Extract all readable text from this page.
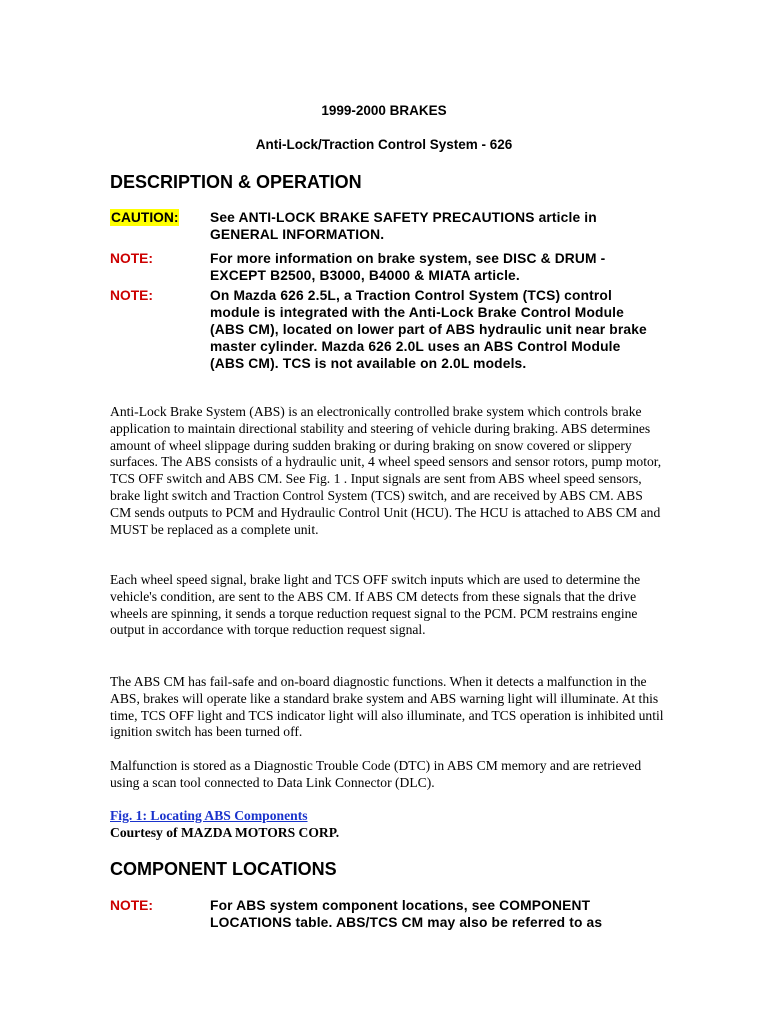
1999-2000 BRAKES
Anti-Lock/Traction Control System - 626
DESCRIPTION & OPERATION
CAUTION: See ANTI-LOCK BRAKE SAFETY PRECAUTIONS article in GENERAL INFORMATION.
NOTE:	For more information on brake system, see DISC & DRUM - EXCEPT B2500, B3000, B4000 & MIATA article.
NOTE:	On Mazda 626 2.5L, a Traction Control System (TCS) control module is integrated with the Anti-Lock Brake Control Module (ABS CM), located on lower part of ABS hydraulic unit near brake master cylinder. Mazda 626 2.0L uses an ABS Control Module (ABS CM). TCS is not available on 2.0L models.
Anti-Lock Brake System (ABS) is an electronically controlled brake system which controls brake application to maintain directional stability and steering of vehicle during braking. ABS determines amount of wheel slippage during sudden braking or during braking on snow covered or slippery surfaces. The ABS consists of a hydraulic unit, 4 wheel speed sensors and sensor rotors, pump motor, TCS OFF switch and ABS CM. See Fig. 1 . Input signals are sent from ABS wheel speed sensors, brake light switch and Traction Control System (TCS) switch, and are received by ABS CM. ABS CM sends outputs to PCM and Hydraulic Control Unit (HCU). The HCU is attached to ABS CM and MUST be replaced as a complete unit.
Each wheel speed signal, brake light and TCS OFF switch inputs which are used to determine the vehicle's condition, are sent to the ABS CM. If ABS CM detects from these signals that the drive wheels are spinning, it sends a torque reduction request signal to the PCM. PCM restrains engine output in accordance with torque reduction request signal.
The ABS CM has fail-safe and on-board diagnostic functions. When it detects a malfunction in the ABS, brakes will operate like a standard brake system and ABS warning light will illuminate. At this time, TCS OFF light and TCS indicator light will also illuminate, and TCS operation is inhibited until ignition switch has been turned off.
Malfunction is stored as a Diagnostic Trouble Code (DTC) in ABS CM memory and are retrieved using a scan tool connected to Data Link Connector (DLC).
Fig. 1: Locating ABS Components
Courtesy of MAZDA MOTORS CORP.
COMPONENT LOCATIONS
NOTE:	For ABS system component locations, see COMPONENT LOCATIONS table. ABS/TCS CM may also be referred to as
